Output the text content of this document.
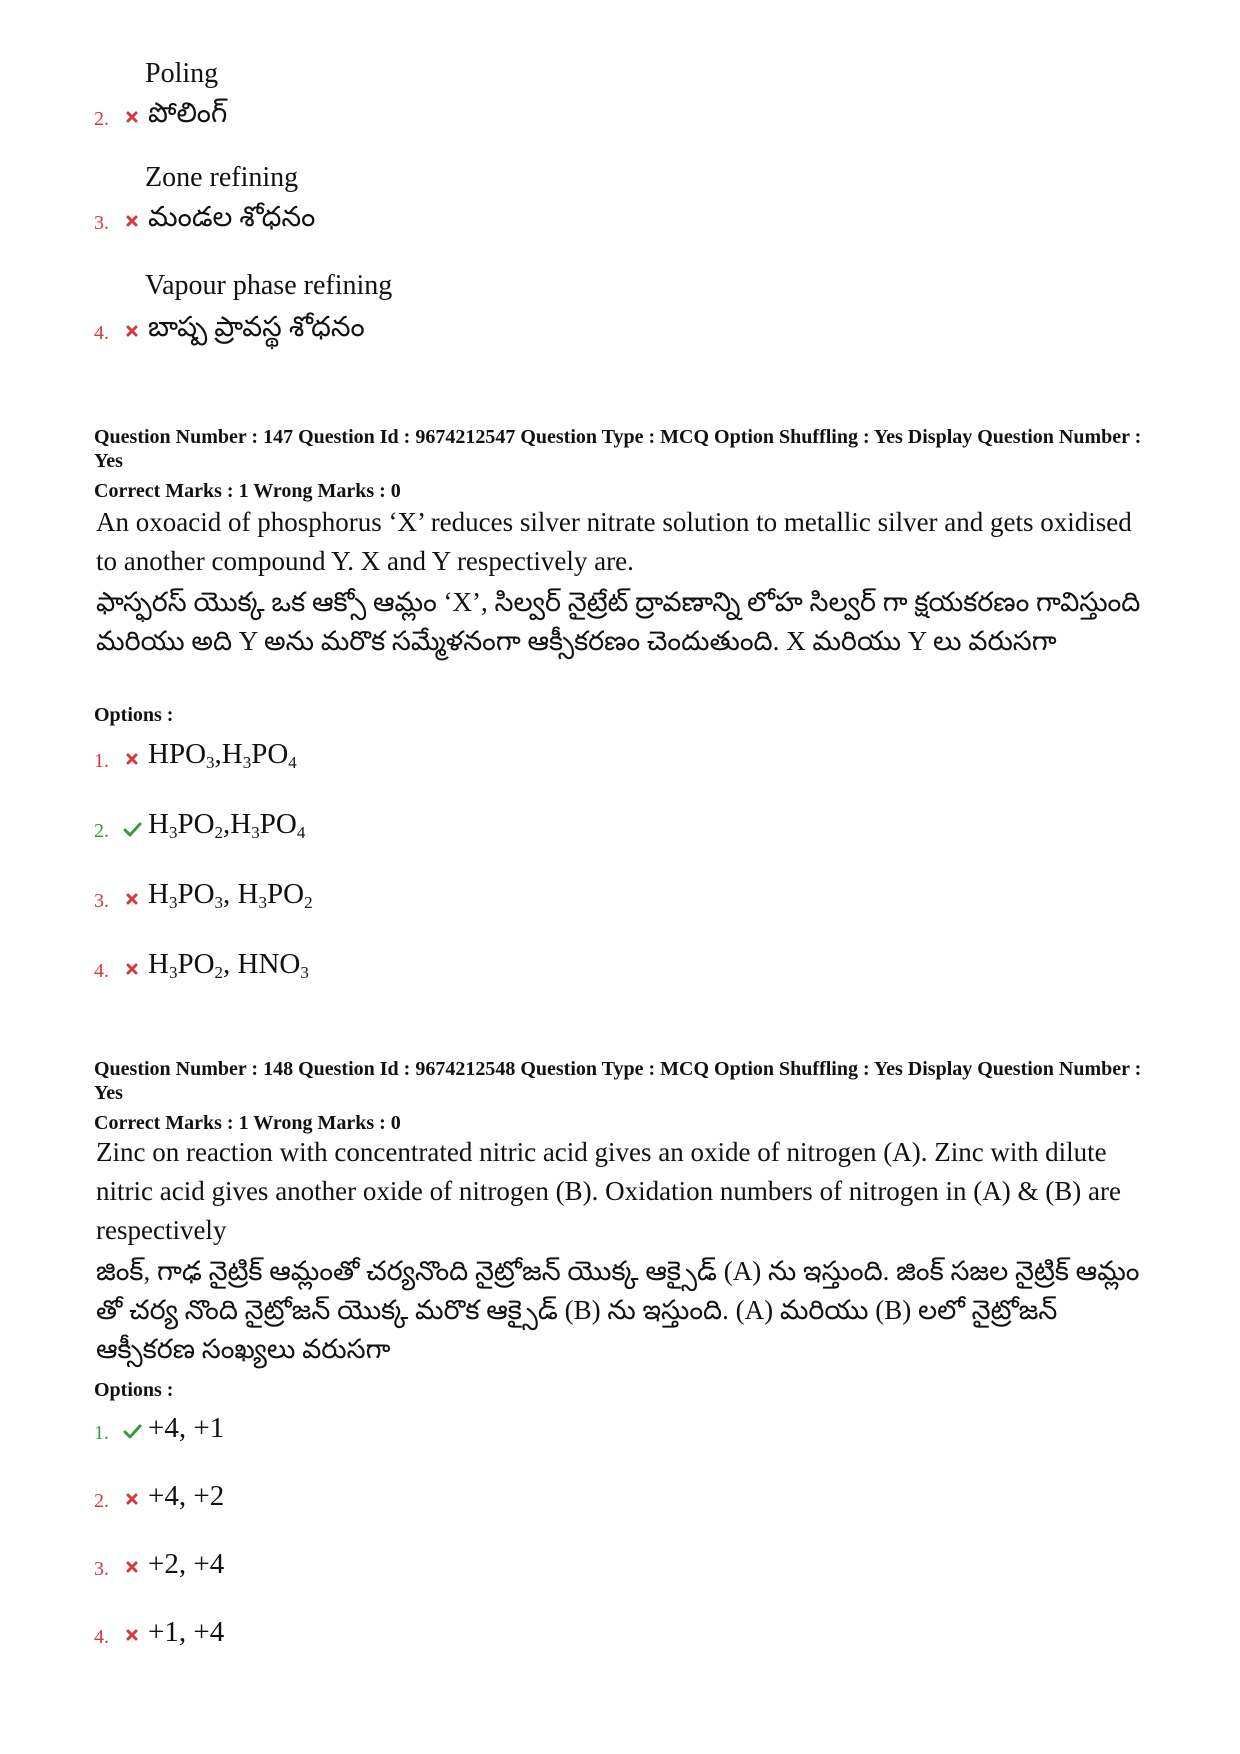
Poling
2.	పోలింగ్
Zone refining
3.	మండల శోధనం
Vapour phase refining
4.	బాష్ప ప్రావస్థ శోధనం
Question Number : 147 Question Id : 9674212547 Question Type : MCQ Option Shuffling : Yes Display Question Number : Yes
Correct Marks : 1 Wrong Marks : 0
An oxoacid of phosphorus ‘X’ reduces silver nitrate solution to metallic silver and gets oxidised to another compound Y. X and Y respectively are.
ఫాస్ఫరస్ యొక్క ఒక ఆక్సో ఆమ్లం ‘X’, సిల్వర్ నైట్రేట్ ద్రావణాన్ని లోహ సిల్వర్ గా క్షయకరణం గావిస్తుంది మరియు అది Y అను మరొక సమ్మేళనంగా ఆక్సీకరణం చెందుతుంది. X మరియు Y లు వరుసగా
Options :
1.	$HPO_3,H_3PO_4$
2.	$H_3PO_2,H_3PO_4$
3.	$H_3PO_3$, $H_3PO_2$
4.	$H_3PO_2$, $HNO_3$
Question Number : 148 Question Id : 9674212548 Question Type : MCQ Option Shuffling : Yes Display Question Number : Yes
Correct Marks : 1 Wrong Marks : 0
Zinc on reaction with concentrated nitric acid gives an oxide of nitrogen (A). Zinc with dilute nitric acid gives another oxide of nitrogen (B). Oxidation numbers of nitrogen in (A) & (B) are respectively
జింక్, గాఢ నైట్రిక్ ఆమ్లంతో చర్యనొంది నైట్రోజన్ యొక్క ఆక్సైడ్ (A) ను ఇస్తుంది. జింక్ సజల నైట్రిక్ ఆమ్లం తో చర్య నొంది నైట్రోజన్ యొక్క మరొక ఆక్సైడ్ (B) ను ఇస్తుంది. (A) మరియు (B) లలో నైట్రోజన్ ఆక్సీకరణ సంఖ్యలు వరుసగా
Options :
1.	+4, +1
2.	+4, +2
3.	+2, +4
4.	+1, +4
